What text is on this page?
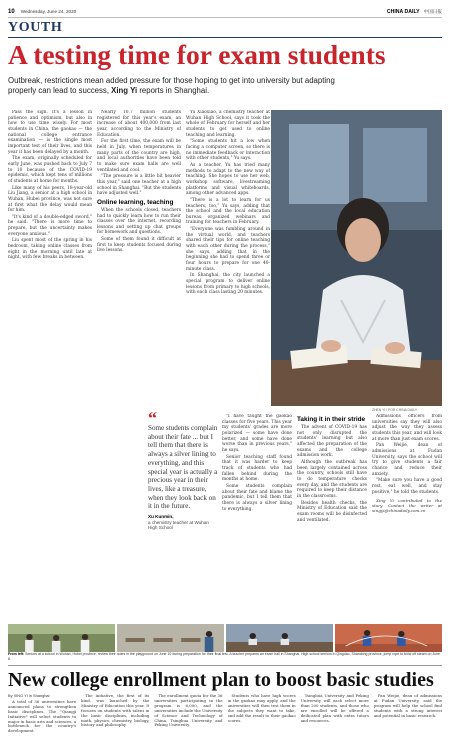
10 Wednesday, June 24, 2020	CHINA DAILY 中国日报
YOUTH
A testing time for exam students
Outbreak, restrictions mean added pressure for those hoping to get into university but adapting properly can lead to success, Xing Yi reports in Shanghai.

Pass the sign. It's a lesson in patience and optimism, but also in how to use time wisely. For most students in China, the gaokao — the national college entrance examination — is the single most important test of their lives, and this year it has been delayed by a month.

The exam, originally scheduled for early June, was pushed back to July 7 to 10 because of the COVID-19 epidemic, which kept tens of millions of students at home for months.

Like many of his peers, 18-year-old Liu Jiang, a senior at a high school in Wuhan, Hubei province, was not sure at first what the delay would mean for him.

"It's kind of a double-edged sword," he said. "There is more time to prepare, but the uncertainty makes everyone anxious."

Liu spent most of the spring in his bedroom, taking online classes from eight in the morning until late at night, with few breaks in between.

Nearly 10.7 million students registered for this year's exam, an increase of about 400,000 from last year, according to the Ministry of Education.

For the first time, the exam will be held in July, when temperatures in many parts of the country are high, and local authorities have been told to make sure exam halls are well ventilated and cool.

"The pressure is a little bit heavier this year," said one teacher at a high school in Shanghai. "But the students have adjusted well."

Online learning, teaching

When the schools closed, teachers had to quickly learn how to run their classes over the internet, recording lessons and setting up chat groups for homework and questions.

Some of them found it difficult at first to keep students focused during live lessons.

Yu Xiaoxiao, a chemistry teacher at Wuhan High School, says it took the whole of February for herself and her students to get used to online teaching and learning.

"Some students hit a low when facing a computer screen, so there is no immediate feedback or interaction with other students," Yu says.

As a teacher, Yu has tried many methods to adapt to the new way of teaching. She hopes to use her web, workshop software, livestreaming platforms and visual whiteboards, among other advanced apps.

"There is a lot to learn for us teachers, too," Yu says, adding that the school and the local education bureau organized webinars and training for teachers in February.

"Everyone was fumbling around in the virtual world, and teachers shared their tips for online teaching with each other during the process," she says, adding that in the beginning she had to spend three or four hours to prepare for one 40-minute class.

In Shanghai, the city launched a special program to deliver online lessons from primary to high schools, with each class lasting 20 minutes.

ZHEN YI / FOR CHINA DAILY
“
Some students complain about their fate ... but I tell them that there is always a silver lining to everything, and this special year is actually a precious year in their lives, like a treasure, when they look back on it in the future.
Xu Kunmin,
a chemistry teacher at Wuhan High School

"I have taught the gaokao classes for five years. This year my students' grades are more polarized — some have done better, and some have done worse than in previous years," he says.

Senior teaching staff found that it was harder to keep track of students who had fallen behind during the months at home.

Some students complain about their fate and blame the pandemic, but I tell them that there is always a silver lining to everything.

Taking it in their stride

The advent of COVID-19 has not only disrupted the students' learning but also affected the preparation of the exams and the college admission work.

Although the outbreak has been largely contained across the country, schools still have to do temperature checks every day, and the students are required to keep their distance in the classrooms.

Besides health checks, the Ministry of Education said the exam rooms will be disinfected and ventilated.

Admissions officers from universities say they will also adjust the way they assess students this year, and will look at more than just exam scores.

Pan Weijie, dean of admissions at Fudan University, says the school will try to give students a fair chance and reduce their anxiety.

"Make sure you have a good rest, eat well, and stay positive," he told the students.

Xing Yi contributed to the story. Contact the writer at xingyi@chinadaily.com.cn

From left: Seniors at a school in Wuhan, Hubei province, review their notes in the playground on June 10 during preparation for their final test. A teacher prepares an exam hall in Shanghai. High school seniors in Qingdao, Shandong province, jump rope to blow off steam on June 8.
New college enrollment plan to boost basic studies

By XING YI in Shanghai

A total of 36 universities have announced plans to strengthen basic disciplines. The "Qiangji Initiative" will select students to major in basic arts and sciences, a bottleneck for the country's development.

The initiative, the first of its kind, was launched by the Ministry of Education this year. It focuses on students with talent in the basic disciplines, including math, physics, chemistry, biology, history and philosophy.

The enrollment quota for the 36 universities participating in the program is 6,000, and the universities include the University of Science and Technology of China, Tsinghua University and Peking University.

Students who have high scores in the gaokao may apply, and the universities will then test them in the subjects they want to take, and add the result to their gaokao scores.

Tsinghua University and Peking University will each select more than 200 students, and those who are enrolled will be offered a dedicated plan with extra tutors and resources.

Pan Weijie, dean of admissions at Fudan University, said the program will help the school find students with a strong interest and potential in basic research.
